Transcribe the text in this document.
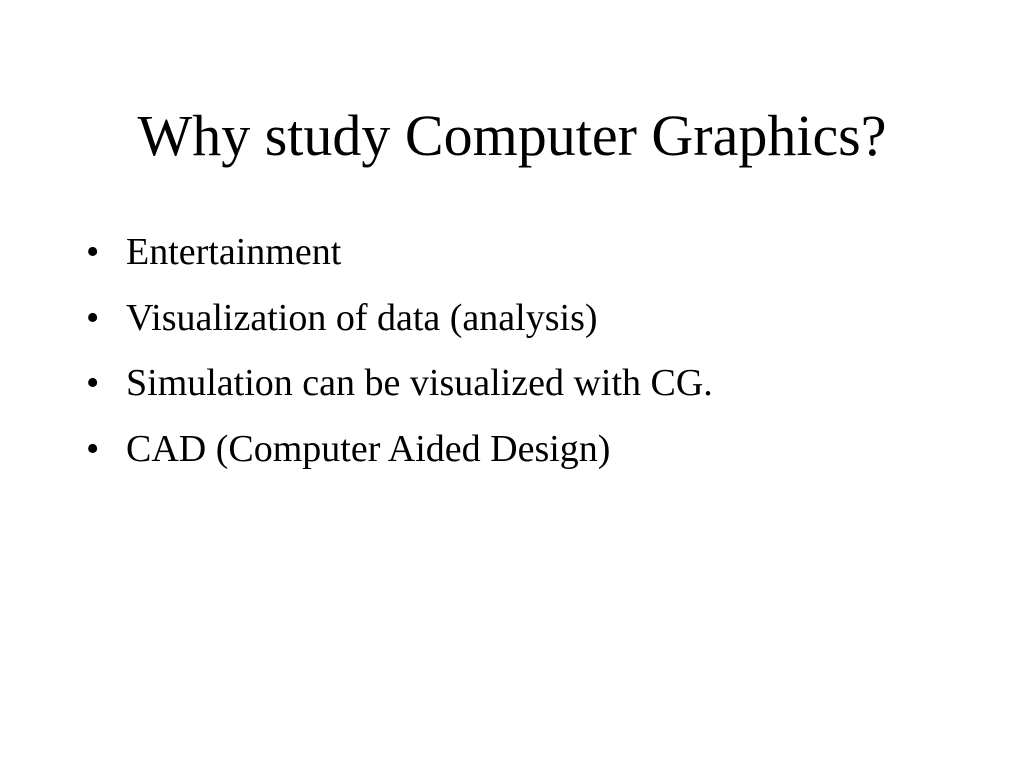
Why study Computer Graphics?
• Entertainment
• Visualization of data (analysis)
• Simulation can be visualized with CG.
• CAD (Computer Aided Design)
